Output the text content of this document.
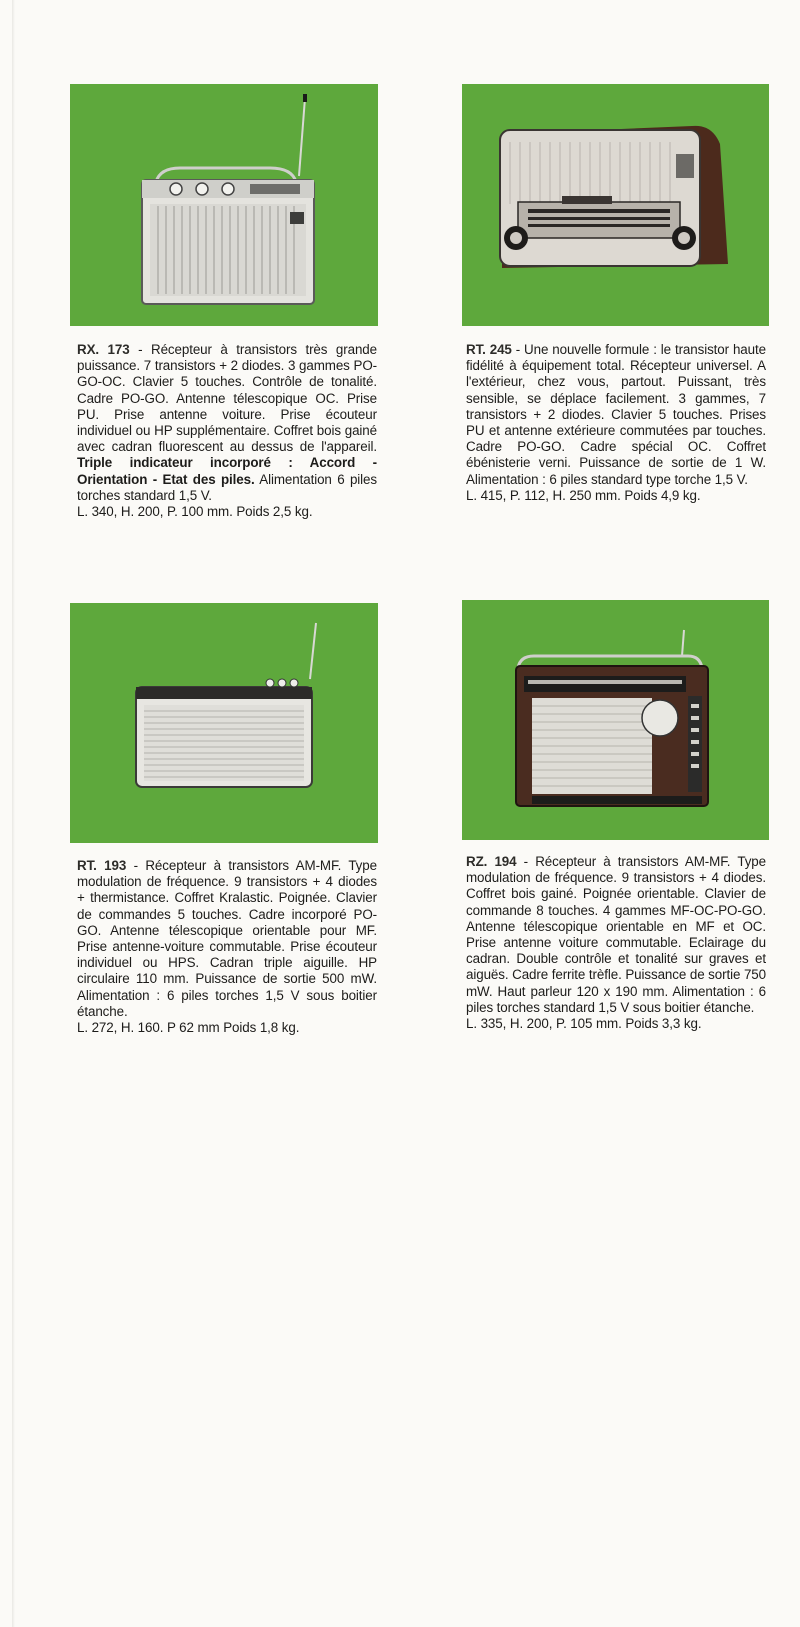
RX. 173 - Récepteur à transistors très grande puissance. 7 transistors + 2 diodes. 3 gammes PO-GO-OC. Clavier 5 touches. Contrôle de tonalité. Cadre PO-GO. Antenne télescopique OC. Prise PU. Prise antenne voiture. Prise écouteur individuel ou HP supplémentaire. Coffret bois gainé avec cadran fluorescent au dessus de l'appareil. Triple indicateur incorporé : Accord - Orientation - Etat des piles. Alimentation 6 piles torches standard 1,5 V.

L. 340, H. 200, P. 100 mm. Poids 2,5 kg.

RT. 245 - Une nouvelle formule : le transistor haute fidélité à équipement total. Récepteur universel. A l'extérieur, chez vous, partout. Puissant, très sensible, se déplace facilement. 3 gammes, 7 transistors + 2 diodes. Clavier 5 touches. Prises PU et antenne extérieure commutées par touches. Cadre PO-GO. Cadre spécial OC. Coffret ébénisterie verni. Puissance de sortie de 1 W. Alimentation : 6 piles standard type torche 1,5 V.

L. 415, P. 112, H. 250 mm. Poids 4,9 kg.

RT. 193 - Récepteur à transistors AM-MF. Type modulation de fréquence. 9 transistors + 4 diodes + thermistance. Coffret Kralastic. Poignée. Clavier de commandes 5 touches. Cadre incorporé PO-GO. Antenne télescopique orientable pour MF. Prise antenne-voiture commutable. Prise écouteur individuel ou HPS. Cadran triple aiguille. HP circulaire 110 mm. Puissance de sortie 500 mW. Alimentation : 6 piles torches 1,5 V sous boitier étanche.

L. 272, H. 160. P 62 mm Poids 1,8 kg.

RZ. 194 - Récepteur à transistors AM-MF. Type modulation de fréquence. 9 transistors + 4 diodes. Coffret bois gainé. Poignée orientable. Clavier de commande 8 touches. 4 gammes MF-OC-PO-GO. Antenne télescopique orientable en MF et OC. Prise antenne voiture commutable. Eclairage du cadran. Double contrôle et tonalité sur graves et aiguës. Cadre ferrite trèfle. Puissance de sortie 750 mW. Haut parleur 120 x 190 mm. Alimentation : 6 piles torches standard 1,5 V sous boitier étanche.

L. 335, H. 200, P. 105 mm. Poids 3,3 kg.
